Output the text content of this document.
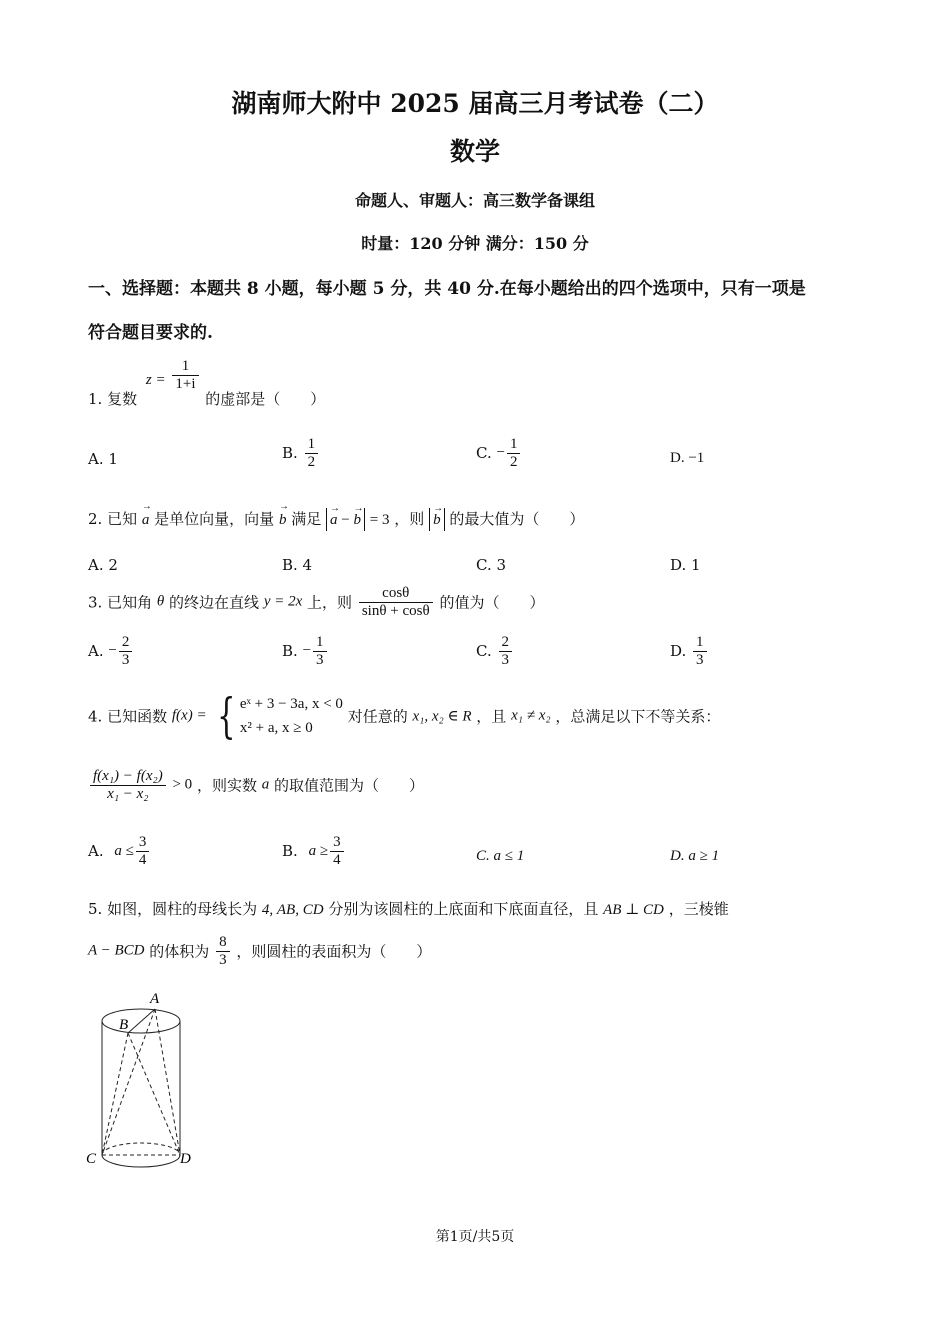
湖南师大附中 2025 届高三月考试卷（二）
数学
命题人、审题人：高三数学备课组
时量：120 分钟 满分：150 分
一、选择题：本题共 8 小题，每小题 5 分，共 40 分.在每小题给出的四个选项中，只有一项是
符合题目要求的.
1. 复数 $z = \frac{1}{1+i}$
的虚部是（　　）
A. 1	B. $\frac{1}{2}$	C. − $\frac{1}{2}$	D. −1
2. 已知 → a 是单位向量，向量 → b 满足 → a − → b = 3 ，则 → b 的最大值为（　　）
A. 2	B. 4	C. 3	D. 1
3. 已知角 θ 的终边在直线 y = 2x 上，则 $\frac{\cos\theta}{\sin\theta + \cos\theta}$ 的值为（　　）
A. − $\frac{2}{3}$	B. − $\frac{1}{3}$	C. $\frac{2}{3}$	D. $\frac{1}{3}$
4. 已知函数 f(x) = { eˣ + 3 − 3a, x < 0
x² + a, x ≥ 0
对任意的 x₁, x₂ ∈ R ，且 x₁ ≠ x₂ ，总满足以下不等关系：
$\frac{\text{f(x₁) − f(x₂)}}{\text{x₁ − x₂}} > 0$ ，则实数 a 的取值范围为（　　）
A. $a \le \frac{3}{4}$	B. $a \ge \frac{3}{4}$	C. a ≤ 1	D. a ≥ 1
5. 如图，圆柱的母线长为 4, AB, CD 分别为该圆柱的上底面和下底面直径，且 AB ⊥ CD ，三棱锥
A − BCD 的体积为 $\frac{8}{3}$ ，则圆柱的表面积为（　　）
A
B
C	D
第1页/共5页
